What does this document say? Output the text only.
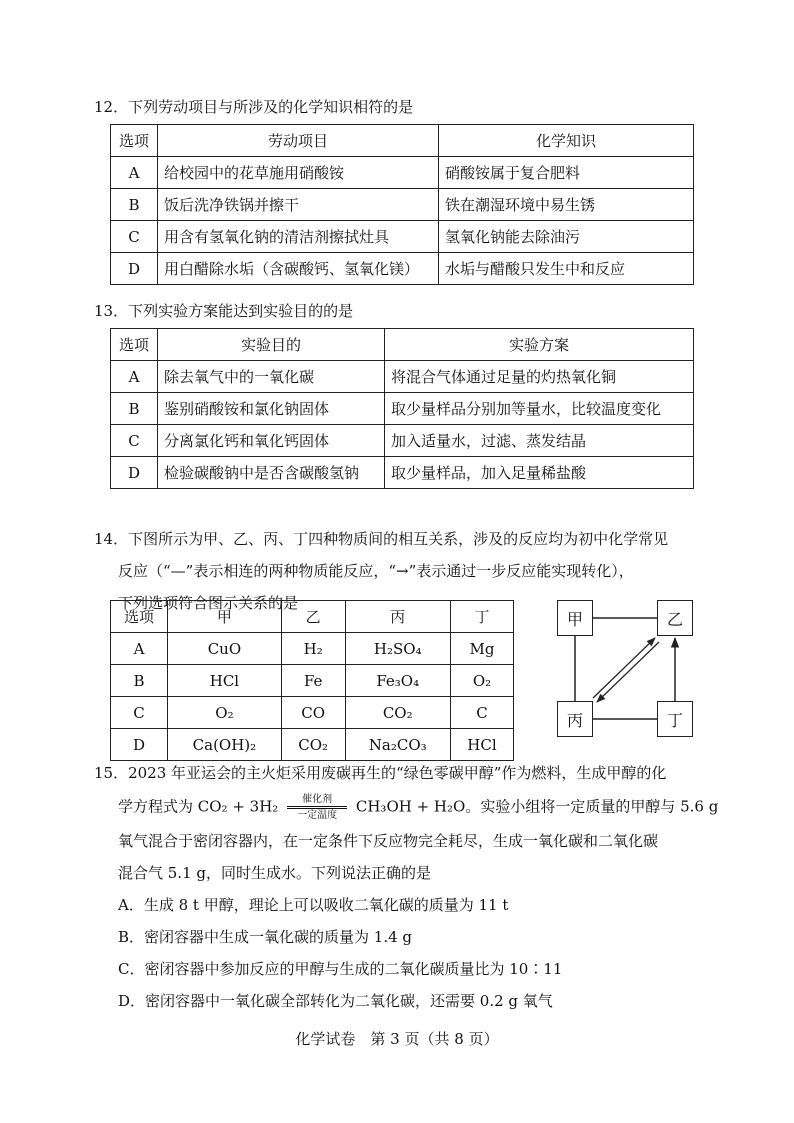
12．下列劳动项目与所涉及的化学知识相符的是
选项	劳动项目	化学知识
A	给校园中的花草施用硝酸铵	硝酸铵属于复合肥料
B	饭后洗净铁锅并擦干	铁在潮湿环境中易生锈
C	用含有氢氧化钠的清洁剂擦拭灶具	氢氧化钠能去除油污
D	用白醋除水垢（含碳酸钙、氢氧化镁）	水垢与醋酸只发生中和反应
13．下列实验方案能达到实验目的的是
选项	实验目的	实验方案
A	除去氧气中的一氧化碳	将混合气体通过足量的灼热氧化铜
B	鉴别硝酸铵和氯化钠固体	取少量样品分别加等量水，比较温度变化
C	分离氯化钙和氧化钙固体	加入适量水，过滤、蒸发结晶
D	检验碳酸钠中是否含碳酸氢钠	取少量样品，加入足量稀盐酸
14．下图所示为甲、乙、丙、丁四种物质间的相互关系，涉及的反应均为初中化学常见
反应（“—”表示相连的两种物质能反应，“→”表示通过一步反应能实现转化），
下列选项符合图示关系的是
选项	甲	乙	丙	丁
A	CuO	H₂	H₂SO₄	Mg
B	HCl	Fe	Fe₃O₄	O₂
C	O₂	CO	CO₂	C
D	Ca(OH)₂	CO₂	Na₂CO₃	HCl
甲	乙
丙	丁
15．2023 年亚运会的主火炬采用废碳再生的“绿色零碳甲醇”作为燃料，生成甲醇的化
学方程式为 $CO_2 + 3H_2 \frac{\text{催化剂}}{\text{一定温度}} CH_3OH + H_2O$。实验小组将一定质量的甲醇与 5.6 g
氧气混合于密闭容器内，在一定条件下反应物完全耗尽，生成一氧化碳和二氧化碳
混合气 5.1 g，同时生成水。下列说法正确的是
A．生成 8 t 甲醇，理论上可以吸收二氧化碳的质量为 11 t
B．密闭容器中生成一氧化碳的质量为 1.4 g
C．密闭容器中参加反应的甲醇与生成的二氧化碳质量比为 10∶11
D．密闭容器中一氧化碳全部转化为二氧化碳，还需要 0.2 g 氧气
化学试卷　第 3 页（共 8 页）
